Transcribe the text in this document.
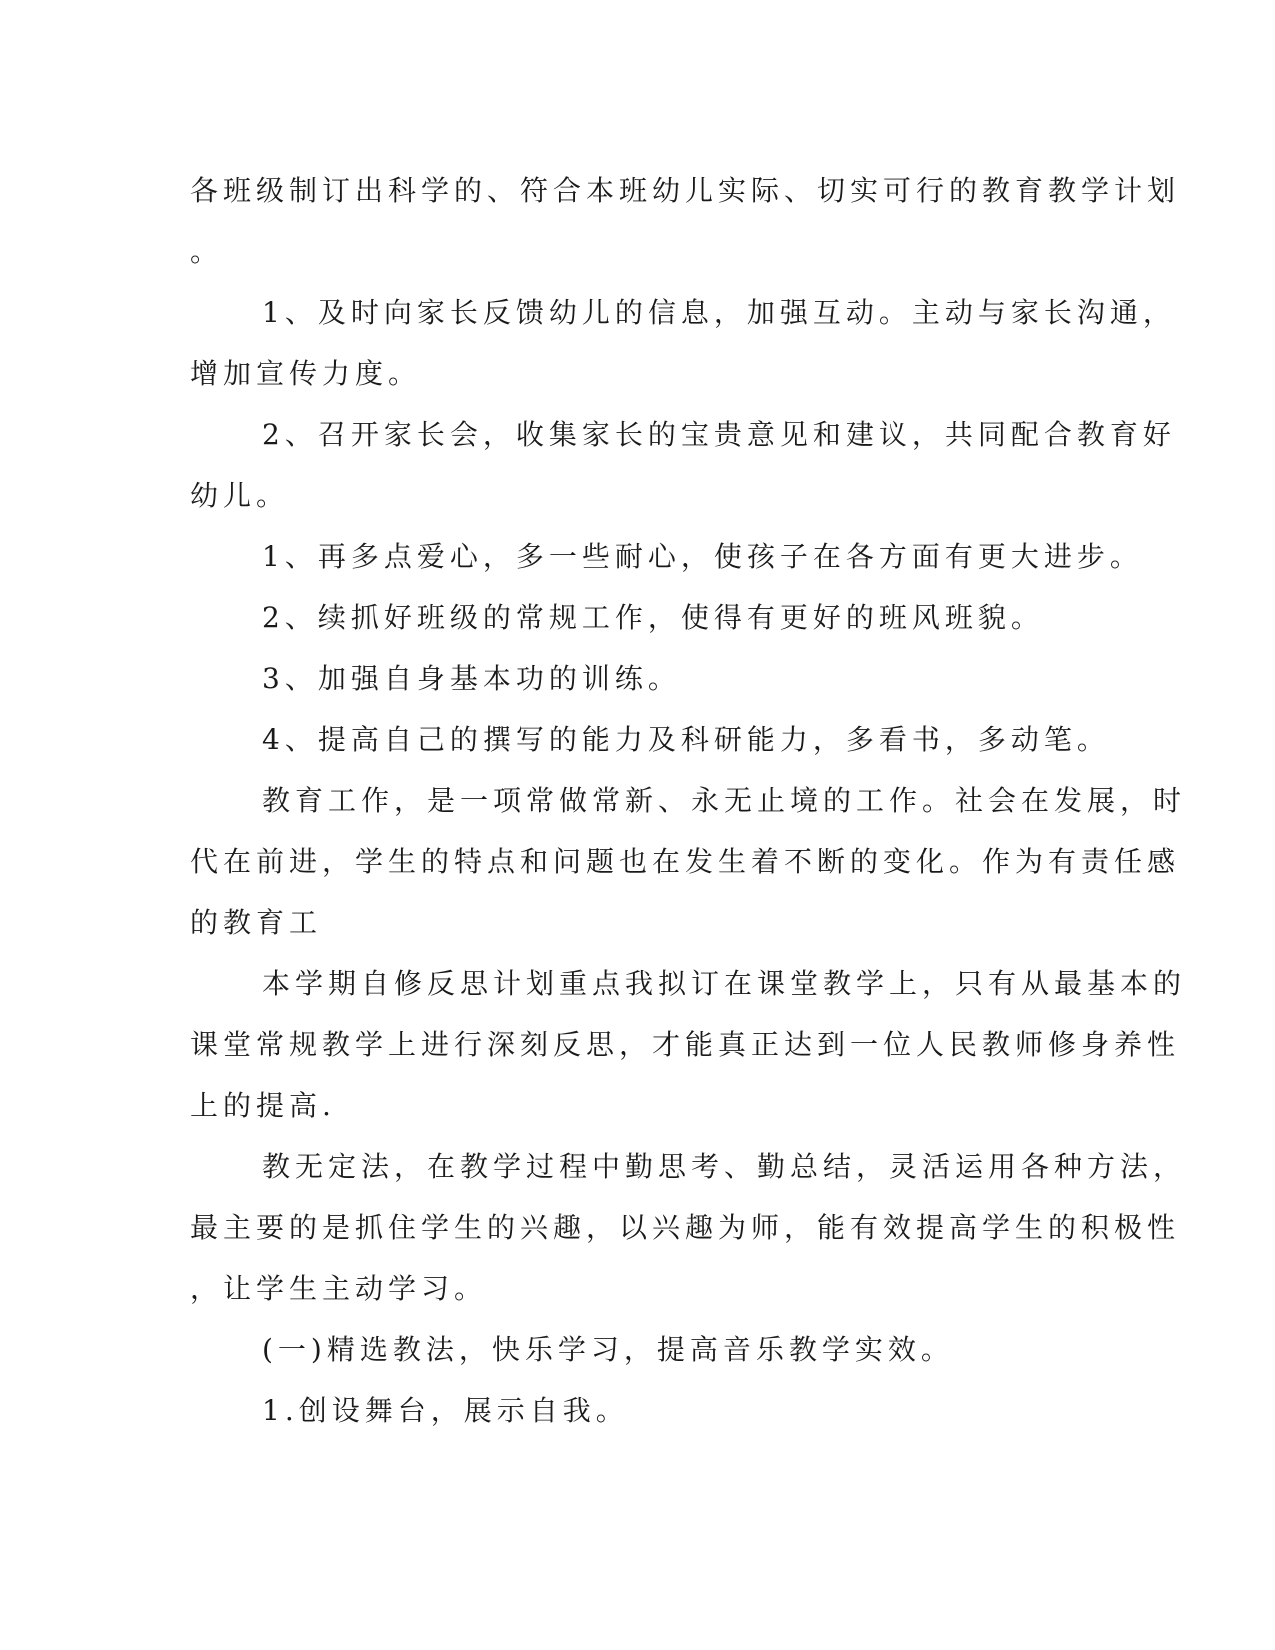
各班级制订出科学的、符合本班幼儿实际、切实可行的教育教学计划
。
1、及时向家长反馈幼儿的信息，加强互动。主动与家长沟通，
增加宣传力度。
2、召开家长会，收集家长的宝贵意见和建议，共同配合教育好
幼儿。
1、再多点爱心，多一些耐心，使孩子在各方面有更大进步。
2、续抓好班级的常规工作，使得有更好的班风班貌。
3、加强自身基本功的训练。
4、提高自己的撰写的能力及科研能力，多看书，多动笔。
教育工作，是一项常做常新、永无止境的工作。社会在发展，时
代在前进，学生的特点和问题也在发生着不断的变化。作为有责任感
的教育工
本学期自修反思计划重点我拟订在课堂教学上，只有从最基本的
课堂常规教学上进行深刻反思，才能真正达到一位人民教师修身养性
上的提高.
教无定法，在教学过程中勤思考、勤总结，灵活运用各种方法，
最主要的是抓住学生的兴趣，以兴趣为师，能有效提高学生的积极性
，让学生主动学习。
(一)精选教法，快乐学习，提高音乐教学实效。
1.创设舞台，展示自我。
